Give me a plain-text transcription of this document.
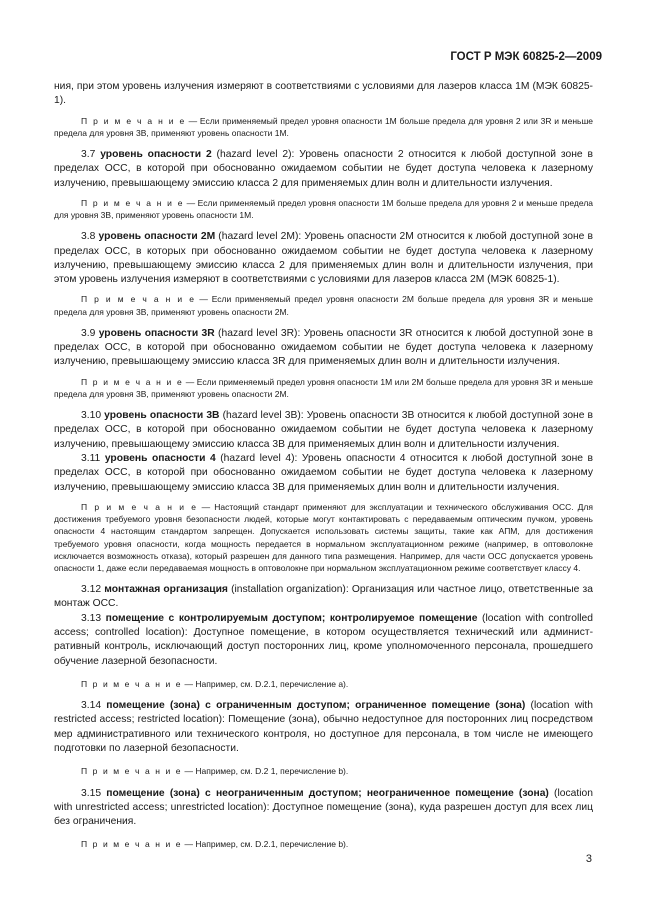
ГОСТ Р МЭК 60825-2—2009

ния, при этом уровень излучения измеряют в соответствиями с условиями для лазеров класса 1М (МЭК 60825-1).

П р и м е ч а н и е — Если применяемый предел уровня опасности 1М больше предела для уровня 2 или 3R и меньше предела для уровня 3B, применяют уровень опасности 1М.

3.7 уровень опасности 2 (hazard level 2): Уровень опасности 2 относится к любой доступной зоне в пределах ОСС, в которой при обоснованно ожидаемом событии не будет доступа человека к лазерному излучению, превышающему эмиссию класса 2 для применяемых длин волн и длительности излучения.

П р и м е ч а н и е — Если применяемый предел уровня опасности 1М больше предела для уровня 2 и меньше предела для уровня 3B, применяют уровень опасности 1М.

3.8 уровень опасности 2М (hazard level 2M): Уровень опасности 2М относится к любой доступной зоне в пределах ОСС, в которых при обоснованно ожидаемом событии не будет доступа человека к лазерному излучению, превышающему эмиссию класса 2 для применяемых длин волн и длительности излучения, при этом уровень излучения измеряют в соответствиями с условиями для лазеров класса 2М (МЭК 60825-1).

П р и м е ч а н и е — Если применяемый предел уровня опасности 2М больше предела для уровня 3R и меньше предела для уровня 3B, применяют уровень опасности 2М.

3.9 уровень опасности 3R (hazard level 3R): Уровень опасности 3R относится к любой доступной зоне в пределах ОСС, в которой при обоснованно ожидаемом событии не будет доступа человека к лазерному излучению, превышающему эмиссию класса 3R для применяемых длин волн и длительности излучения.

П р и м е ч а н и е — Если применяемый предел уровня опасности 1М или 2М больше предела для уровня 3R и меньше предела для уровня 3B, применяют уровень опасности 2М.

3.10 уровень опасности 3B (hazard level 3B): Уровень опасности 3B относится к любой доступной зоне в пределах ОСС, в которой при обоснованно ожидаемом событии не будет доступа человека к лазерному излучению, превышающему эмиссию класса 3B для применяемых длин волн и длительности излучения.

3.11 уровень опасности 4 (hazard level 4): Уровень опасности 4 относится к любой доступной зоне в пределах ОСС, в которой при обоснованно ожидаемом событии не будет доступа человека к лазерному излучению, превышающему эмиссию класса 3B для применяемых длин волн и длительности излучения.

П р и м е ч а н и е — Настоящий стандарт применяют для эксплуатации и технического обслуживания ОСС. Для достижения требуемого уровня безопасности людей, которые могут контактировать с передаваемым оптическим пучком, уровень опасности 4 настоящим стандартом запрещен. Допускается использовать системы защиты, такие как АПМ, для достижения требуемого уровня опасности, когда мощность передается в нормальном эксплуатационном режиме (например, в оптоволокне исключается возможность отказа), который разрешен для данного типа размещения. Например, для части ОСС допускается уровень опасности 1, даже если передаваемая мощность в оптоволокне при нормальном эксплуатационном режиме соответствует классу 4.

3.12 монтажная организация (installation organization): Организация или частное лицо, ответственные за монтаж ОСС.

3.13 помещение с контролируемым доступом; контролируемое помещение (location with controlled access; controlled location): Доступное помещение, в котором осуществляется технический или административный контроль, исключающий доступ посторонних лиц, кроме уполномоченного персонала, прошедшего обучение лазерной безопасности.

П р и м е ч а н и е — Например, см. D.2.1, перечисление а).

3.14 помещение (зона) с ограниченным доступом; ограниченное помещение (зона) (location with restricted access; restricted location): Помещение (зона), обычно недоступное для посторонних лиц посредством мер административного или технического контроля, но доступное для персонала, в том числе не имеющего подготовки по лазерной безопасности.

П р и м е ч а н и е — Например, см. D.2 1, перечисление b).

3.15 помещение (зона) с неограниченным доступом; неограниченное помещение (зона) (location with unrestricted access; unrestricted location): Доступное помещение (зона), куда разрешен доступ для всех лиц без ограничения.

П р и м е ч а н и е — Например, см. D.2.1, перечисление b).

3
